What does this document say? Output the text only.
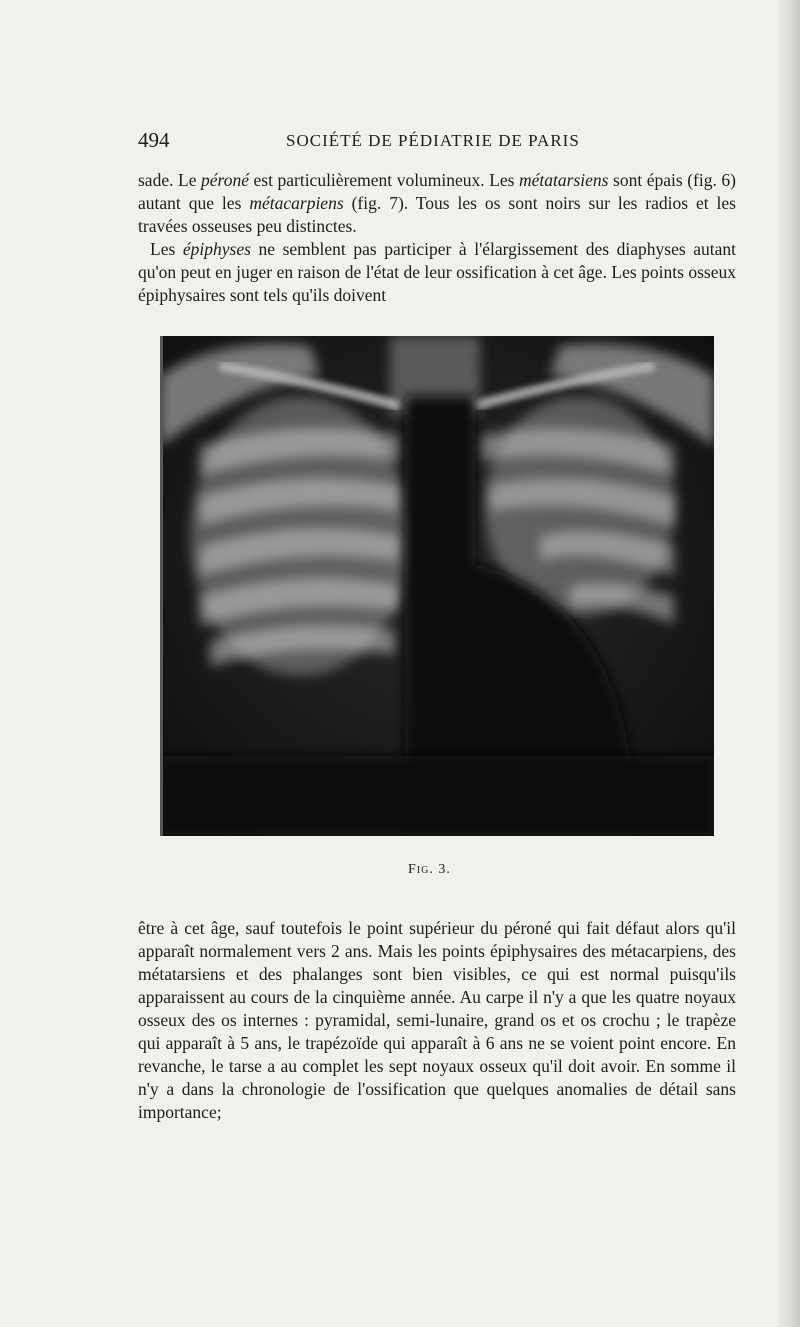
494	SOCIÉTÉ DE PÉDIATRIE DE PARIS

sade. Le péroné est particulièrement volumineux. Les métatarsiens sont épais (fig. 6) autant que les métacarpiens (fig. 7). Tous les os sont noirs sur les radios et les travées osseuses peu distinctes.

Les épiphyses ne semblent pas participer à l'élargissement des diaphyses autant qu'on peut en juger en raison de l'état de leur ossification à cet âge. Les points osseux épiphysaires sont tels qu'ils doivent

Fig. 3.

être à cet âge, sauf toutefois le point supérieur du péroné qui fait défaut alors qu'il apparaît normalement vers 2 ans. Mais les points épiphysaires des métacarpiens, des métatarsiens et des phalanges sont bien visibles, ce qui est normal puisqu'ils apparaissent au cours de la cinquième année. Au carpe il n'y a que les quatre noyaux osseux des os internes : pyramidal, semi-lunaire, grand os et os crochu ; le trapèze qui apparaît à 5 ans, le trapézoïde qui apparaît à 6 ans ne se voient point encore. En revanche, le tarse a au complet les sept noyaux osseux qu'il doit avoir. En somme il n'y a dans la chronologie de l'ossification que quelques anomalies de détail sans importance;
